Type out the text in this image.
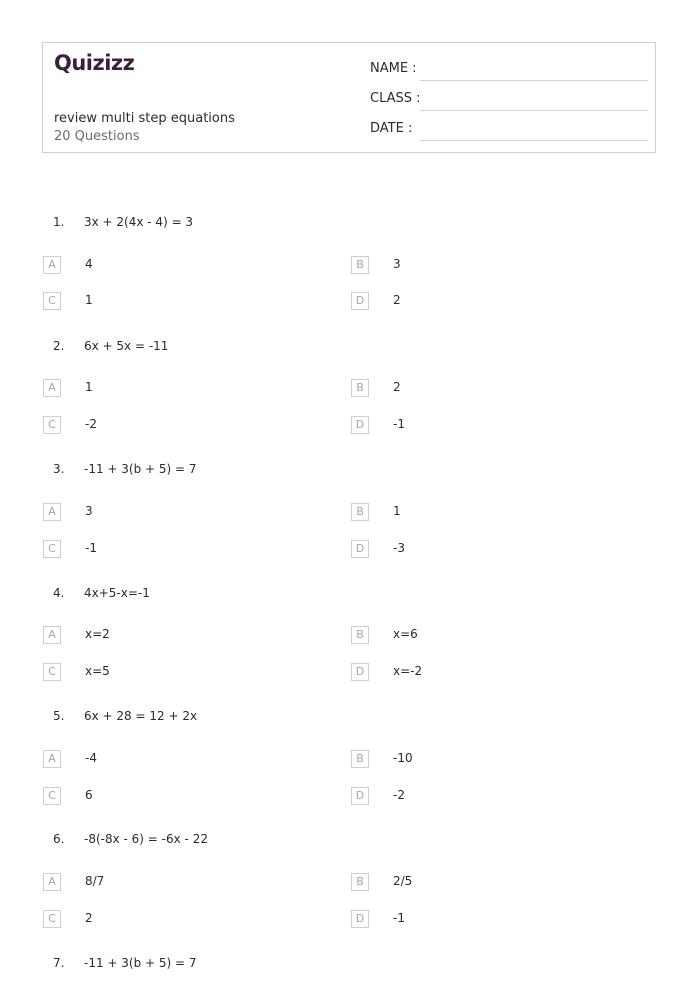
Quizizz
review multi step equations
20 Questions
NAME :
CLASS :
DATE :
1. 3x + 2(4x - 4) = 3
A	4	B	3
C	1	D	2
2. 6x + 5x = -11
A	1	B	2
C	-2	D	-1
3. -11 + 3(b + 5) = 7
A	3	B	1
C	-1	D	-3
4. 4x+5-x=-1
A	x=2	B	x=6
C	x=5	D	x=-2
5. 6x + 28 = 12 + 2x
A	-4	B	-10
C	6	D	-2
6. -8(-8x - 6) = -6x - 22
A	8/7	B	2/5
C	2	D	-1
7. -11 + 3(b + 5) = 7
